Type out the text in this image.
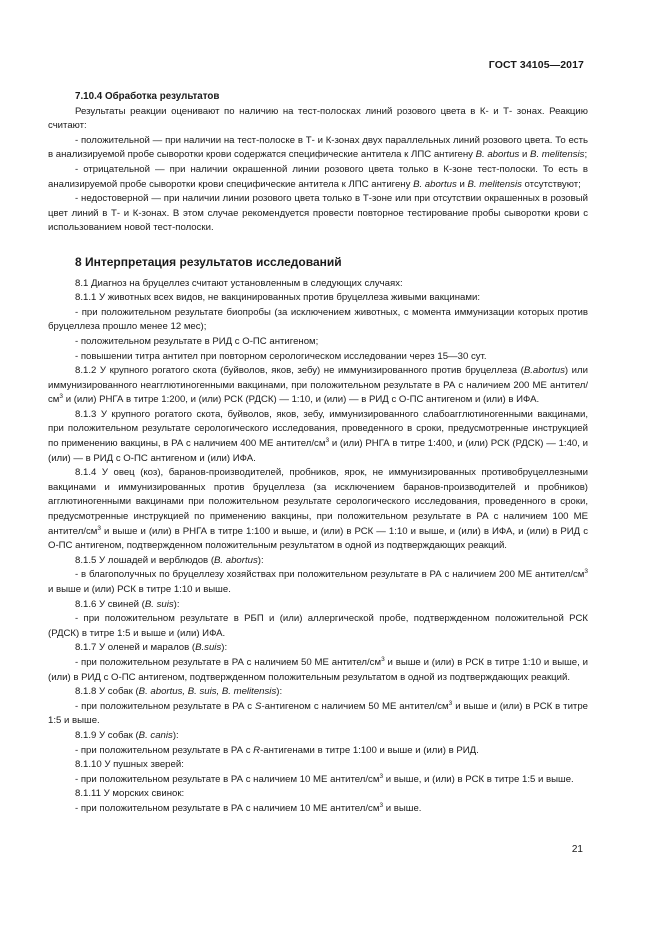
ГОСТ 34105—2017

7.10.4 Обработка результатов

Результаты реакции оценивают по наличию на тест-полосках линий розового цвета в К- и Т- зонах. Реакцию считают:

- положительной — при наличии на тест-полоске в Т- и К-зонах двух параллельных линий розового цвета. То есть в анализируемой пробе сыворотки крови содержатся специфические антитела к ЛПС антигену B. abortus и B. melitensis;

- отрицательной — при наличии окрашенной линии розового цвета только в К-зоне тест-полоски. То есть в анализируемой пробе сыворотки крови специфические антитела к ЛПС антигену B. abortus и B. melitensis отсутствуют;

- недостоверной — при наличии линии розового цвета только в Т-зоне или при отсутствии окрашенных в розовый цвет линий в Т- и К-зонах. В этом случае рекомендуется провести повторное тестирование пробы сыворотки крови с использованием новой тест-полоски.

8 Интерпретация результатов исследований

8.1 Диагноз на бруцеллез считают установленным в следующих случаях:

8.1.1 У животных всех видов, не вакцинированных против бруцеллеза живыми вакцинами:

- при положительном результате биопробы (за исключением животных, с момента иммунизации которых против бруцеллеза прошло менее 12 мес);

- положительном результате в РИД с О-ПС антигеном;

- повышении титра антител при повторном серологическом исследовании через 15—30 сут.

8.1.2 У крупного рогатого скота (буйволов, яков, зебу) не иммунизированного против бруцеллеза (B.abortus) или иммунизированного неагглютиногенными вакцинами, при положительном результате в РА с наличием 200 МЕ антител/$см^3$ и (или) РНГА в титре 1:200, и (или) РСК (РДСК) — 1:10, и (или) — в РИД с О-ПС антигеном и (или) в ИФА.

8.1.3 У крупного рогатого скота, буйволов, яков, зебу, иммунизированного слабоагглютиногенными вакцинами, при положительном результате серологического исследования, проведенного в сроки, предусмотренные инструкцией по применению вакцины, в РА с наличием 400 МЕ антител/$см^3$ и (или) РНГА в титре 1:400, и (или) РСК (РДСК) — 1:40, и (или) — в РИД с О-ПС антигеном и (или) ИФА.

8.1.4 У овец (коз), баранов-производителей, пробников, ярок, не иммунизированных противобруцеллезными вакцинами и иммунизированных против бруцеллеза (за исключением баранов-производителей и пробников) агглютиногенными вакцинами при положительном результате серологического исследования, проведенного в сроки, предусмотренные инструкцией по применению вакцины, при положительном результате в РА с наличием 100 МЕ антител/$см^3$ и выше и (или) в РНГА в титре 1:100 и выше, и (или) в РСК — 1:10 и выше, и (или) в ИФА, и (или) в РИД с О-ПС антигеном, подтвержденном положительным результатом в одной из подтверждающих реакций.

8.1.5 У лошадей и верблюдов (B. abortus):

- в благополучных по бруцеллезу хозяйствах при положительном результате в РА с наличием 200 МЕ антител/$см^3$ и выше и (или) РСК в титре 1:10 и выше.

8.1.6 У свиней (B. suis):

- при положительном результате в РБП и (или) аллергической пробе, подтвержденном положительной РСК (РДСК) в титре 1:5 и выше и (или) ИФА.

8.1.7 У оленей и маралов (B.suis):

- при положительном результате в РА с наличием 50 МЕ антител/$см^3$ и выше и (или) в РСК в титре 1:10 и выше, и (или) в РИД с О-ПС антигеном, подтвержденном положительным результатом в одной из подтверждающих реакций.

8.1.8 У собак (B. abortus, B. suis, B. melitensis):

- при положительном результате в РА с S-антигеном с наличием 50 МЕ антител/$см^3$ и выше и (или) в РСК в титре 1:5 и выше.

8.1.9 У собак (B. canis):

- при положительном результате в РА с R-антигенами в титре 1:100 и выше и (или) в РИД.

8.1.10 У пушных зверей:

- при положительном результате в РА с наличием 10 МЕ антител/$см^3$ и выше, и (или) в РСК в титре 1:5 и выше.

8.1.11 У морских свинок:

- при положительном результате в РА с наличием 10 МЕ антител/$см^3$ и выше.

21
